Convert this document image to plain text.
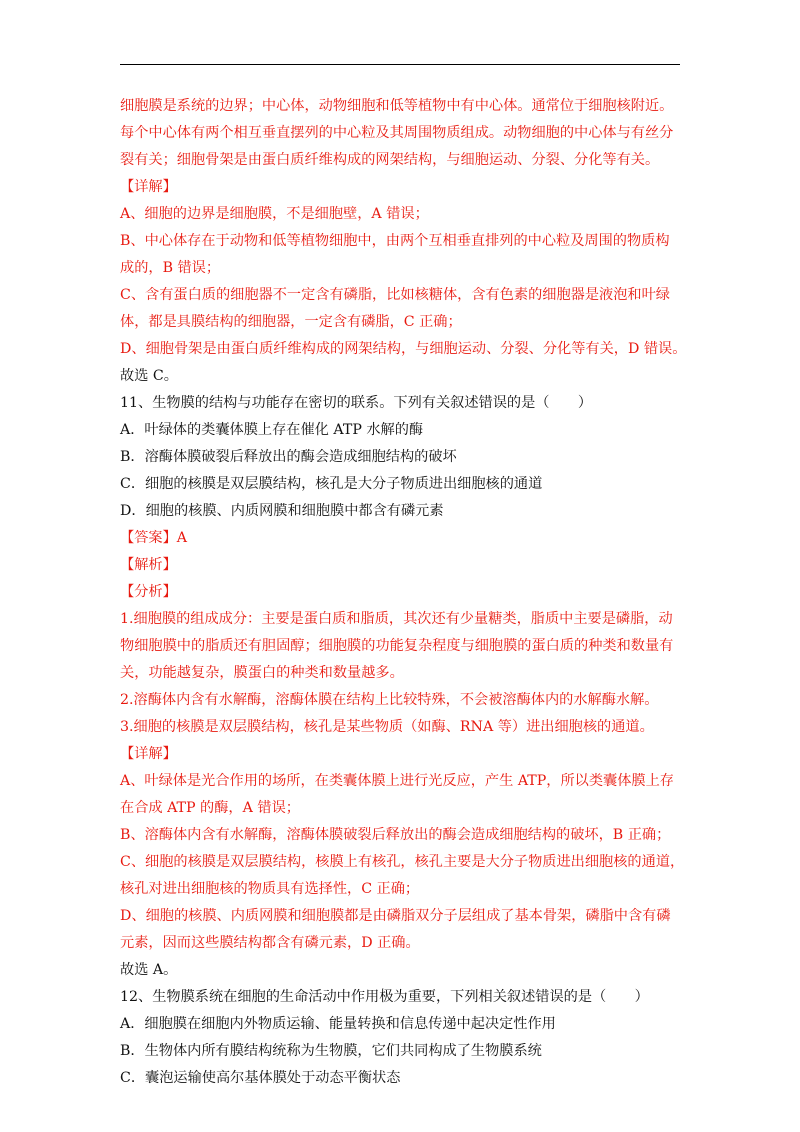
细胞膜是系统的边界；中心体，动物细胞和低等植物中有中心体。通常位于细胞核附近。
每个中心体有两个相互垂直摆列的中心粒及其周围物质组成。动物细胞的中心体与有丝分
裂有关；细胞骨架是由蛋白质纤维构成的网架结构，与细胞运动、分裂、分化等有关。
【详解】
A、细胞的边界是细胞膜，不是细胞壁，A 错误；
B、中心体存在于动物和低等植物细胞中，由两个互相垂直排列的中心粒及周围的物质构
成的，B 错误；
C、含有蛋白质的细胞器不一定含有磷脂，比如核糖体，含有色素的细胞器是液泡和叶绿
体，都是具膜结构的细胞器，一定含有磷脂，C 正确；
D、细胞骨架是由蛋白质纤维构成的网架结构，与细胞运动、分裂、分化等有关，D 错误。
故选 C。
11、生物膜的结构与功能存在密切的联系。下列有关叙述错误的是（　　）
A．叶绿体的类囊体膜上存在催化 ATP 水解的酶
B．溶酶体膜破裂后释放出的酶会造成细胞结构的破坏
C．细胞的核膜是双层膜结构，核孔是大分子物质进出细胞核的通道
D．细胞的核膜、内质网膜和细胞膜中都含有磷元素
【答案】A
【解析】
【分析】
1.细胞膜的组成成分：主要是蛋白质和脂质，其次还有少量糖类，脂质中主要是磷脂，动
物细胞膜中的脂质还有胆固醇；细胞膜的功能复杂程度与细胞膜的蛋白质的种类和数量有
关，功能越复杂，膜蛋白的种类和数量越多。
2.溶酶体内含有水解酶，溶酶体膜在结构上比较特殊，不会被溶酶体内的水解酶水解。
3.细胞的核膜是双层膜结构，核孔是某些物质（如酶、RNA 等）进出细胞核的通道。
【详解】
A、叶绿体是光合作用的场所，在类囊体膜上进行光反应，产生 ATP，所以类囊体膜上存
在合成 ATP 的酶，A 错误；
B、溶酶体内含有水解酶，溶酶体膜破裂后释放出的酶会造成细胞结构的破坏，B 正确；
C、细胞的核膜是双层膜结构，核膜上有核孔，核孔主要是大分子物质进出细胞核的通道，
核孔对进出细胞核的物质具有选择性，C 正确；
D、细胞的核膜、内质网膜和细胞膜都是由磷脂双分子层组成了基本骨架，磷脂中含有磷
元素，因而这些膜结构都含有磷元素，D 正确。
故选 A。
12、生物膜系统在细胞的生命活动中作用极为重要，下列相关叙述错误的是（　　）
A．细胞膜在细胞内外物质运输、能量转换和信息传递中起决定性作用
B．生物体内所有膜结构统称为生物膜，它们共同构成了生物膜系统
C．囊泡运输使高尔基体膜处于动态平衡状态
